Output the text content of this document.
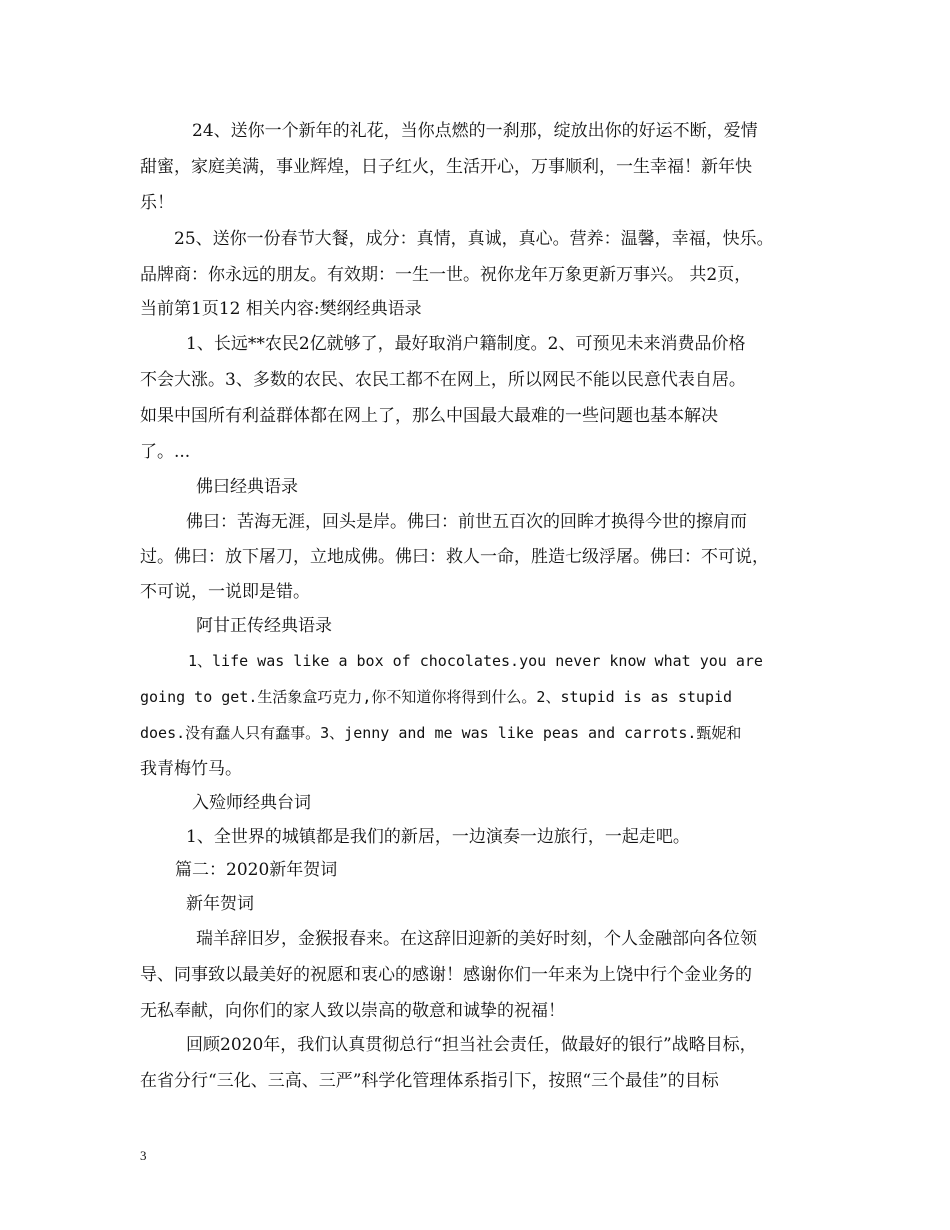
24、送你一个新年的礼花，当你点燃的一刹那，绽放出你的好运不断，爱情
甜蜜，家庭美满，事业辉煌，日子红火，生活开心，万事顺利，一生幸福！新年快
乐！
25、送你一份春节大餐，成分：真情，真诚，真心。营养：温馨，幸福，快乐。
品牌商：你永远的朋友。有效期：一生一世。祝你龙年万象更新万事兴。 共2页，
当前第1页12 相关内容:樊纲经典语录
1、长远**农民2亿就够了，最好取消户籍制度。2、可预见未来消费品价格
不会大涨。3、多数的农民、农民工都不在网上，所以网民不能以民意代表自居。
如果中国所有利益群体都在网上了，那么中国最大最难的一些问题也基本解决
了。...
佛曰经典语录
佛曰：苦海无涯，回头是岸。佛曰：前世五百次的回眸才换得今世的擦肩而
过。佛曰：放下屠刀，立地成佛。佛曰：救人一命，胜造七级浮屠。佛曰：不可说，
不可说，一说即是错。
阿甘正传经典语录
1、life was like a box of chocolates.you never know what you are
going to get.生活象盒巧克力,你不知道你将得到什么。2、stupid is as stupid
does.没有蠢人只有蠢事。3、jenny and me was like peas and carrots.甄妮和
我青梅竹马。
入殓师经典台词
1、全世界的城镇都是我们的新居，一边演奏一边旅行，一起走吧。
篇二：2020新年贺词
新年贺词
瑞羊辞旧岁，金猴报春来。在这辞旧迎新的美好时刻，个人金融部向各位领
导、同事致以最美好的祝愿和衷心的感谢！感谢你们一年来为上饶中行个金业务的
无私奉献，向你们的家人致以崇高的敬意和诚挚的祝福！
回顾2020年，我们认真贯彻总行“担当社会责任，做最好的银行”战略目标，
在省分行“三化、三高、三严”科学化管理体系指引下，按照“三个最佳”的目标
3
